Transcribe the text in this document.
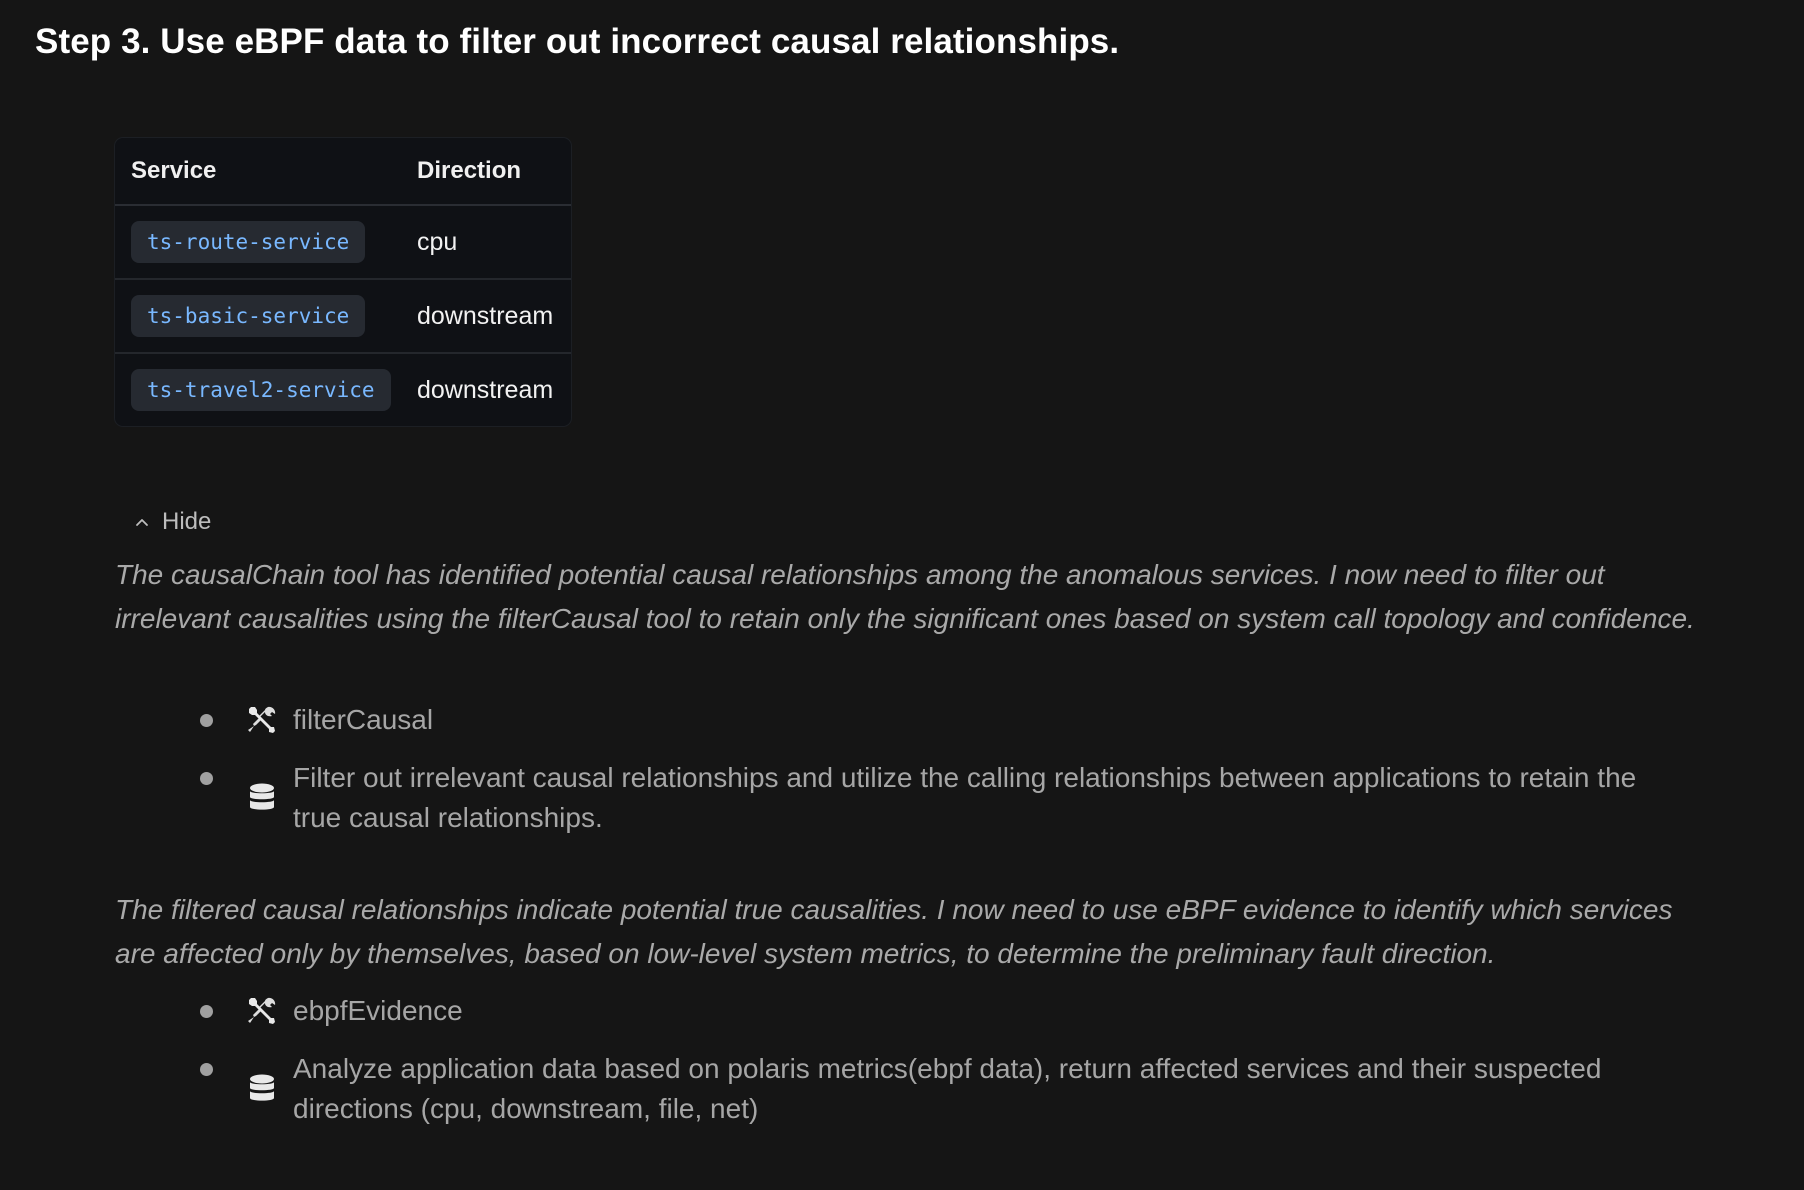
Step 3. Use eBPF data to filter out incorrect causal relationships.
Service	Direction
ts-route-service	cpu
ts-basic-service	downstream
ts-travel2-service	downstream
Hide

The causalChain tool has identified potential causal relationships among the anomalous services. I now need to filter out irrelevant causalities using the filterCausal tool to retain only the significant ones based on system call topology and confidence.

filterCausal
Filter out irrelevant causal relationships and utilize the calling relationships between applications to retain the true causal relationships.

The filtered causal relationships indicate potential true causalities. I now need to use eBPF evidence to identify which services are affected only by themselves, based on low-level system metrics, to determine the preliminary fault direction.

ebpfEvidence
Analyze application data based on polaris metrics(ebpf data), return affected services and their suspected directions (cpu, downstream, file, net)
